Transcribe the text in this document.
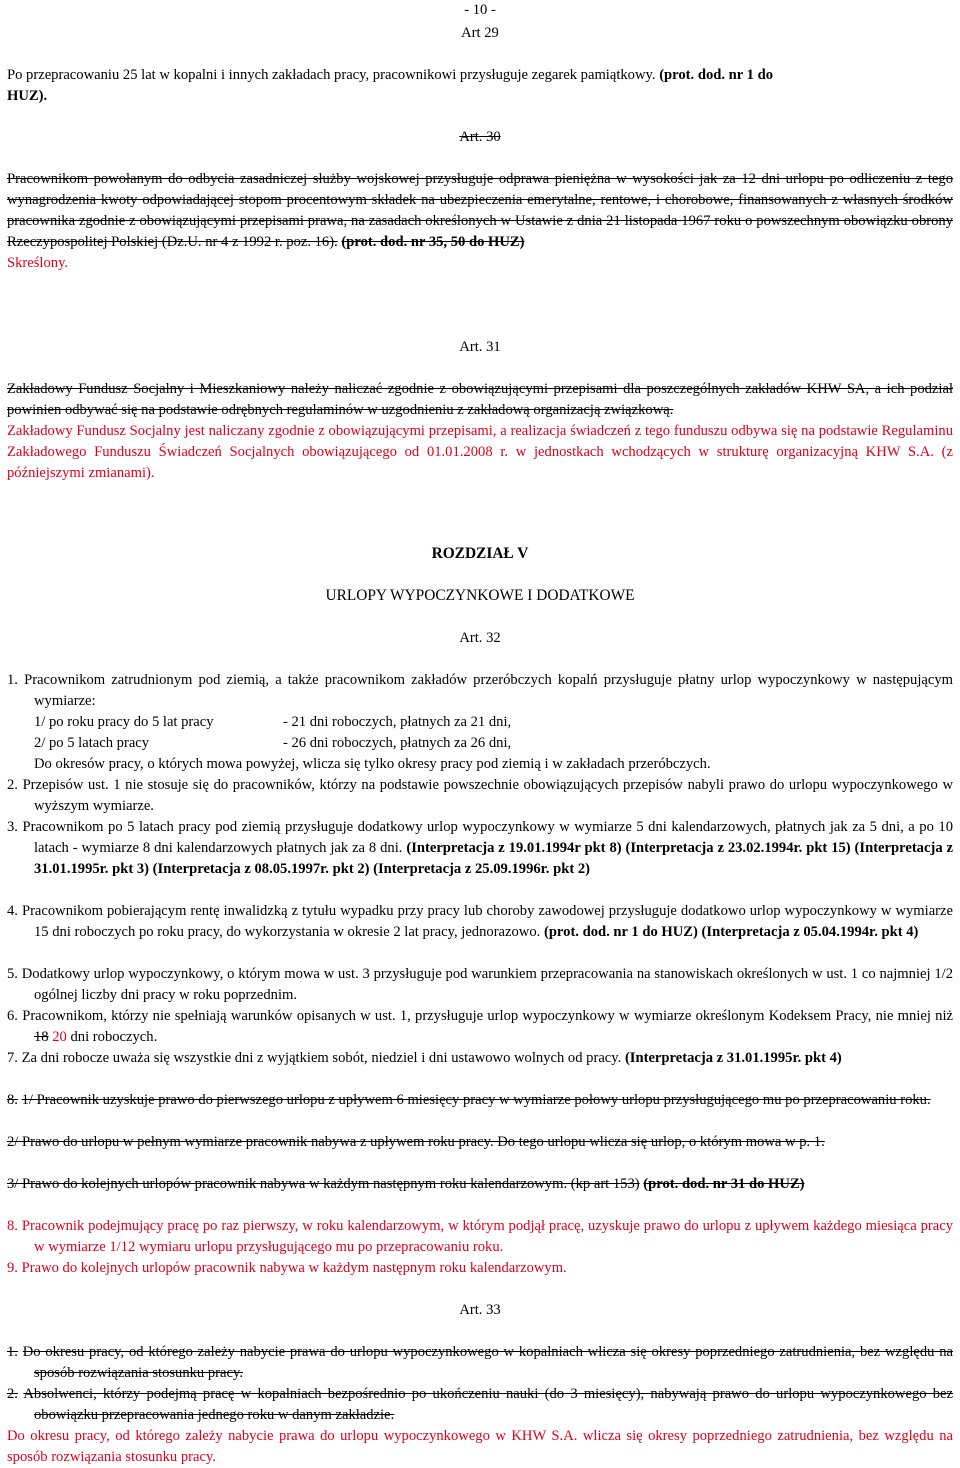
- 10 -
Art 29
Po przepracowaniu 25 lat w kopalni i innych zakładach pracy, pracownikowi przysługuje zegarek pamiątkowy. (prot. dod. nr 1 do
HUZ).
Art. 30
Pracownikom powołanym do odbycia zasadniczej służby wojskowej przysługuje odprawa pieniężna w wysokości jak za 12 dni urlopu po odliczeniu z tego wynagrodzenia kwoty odpowiadającej stopom procentowym składek na ubezpieczenia emerytalne, rentowe, i chorobowe, finansowanych z własnych środków pracownika zgodnie z obowiązującymi przepisami prawa, na zasadach określonych w Ustawie z dnia 21 listopada 1967 roku o powszechnym obowiązku obrony Rzeczypospolitej Polskiej (Dz.U. nr 4 z 1992 r. poz. 16). (prot. dod. nr 35, 50 do HUZ)
Skreślony.
Art. 31
Zakładowy Fundusz Socjalny i Mieszkaniowy należy naliczać zgodnie z obowiązującymi przepisami dla poszczególnych zakładów KHW SA, a ich podział powinien odbywać się na podstawie odrębnych regulaminów w uzgodnieniu z zakładową organizacją związkową.
Zakładowy Fundusz Socjalny jest naliczany zgodnie z obowiązującymi przepisami, a realizacja świadczeń z tego funduszu odbywa się na podstawie Regulaminu Zakładowego Funduszu Świadczeń Socjalnych obowiązującego od 01.01.2008 r. w jednostkach wchodzących w strukturę organizacyjną KHW S.A. (z późniejszymi zmianami).
ROZDZIAŁ V
URLOPY WYPOCZYNKOWE I DODATKOWE
Art. 32
1. Pracownikom zatrudnionym pod ziemią, a także pracownikom zakładów przeróbczych kopalń przysługuje płatny urlop wypoczynkowy w następującym wymiarze:
1/ po roku pracy do 5 lat pracy	- 21 dni roboczych, płatnych za 21 dni,
2/ po 5 latach pracy	- 26 dni roboczych, płatnych za 26 dni,
Do okresów pracy, o których mowa powyżej, wlicza się tylko okresy pracy pod ziemią i w zakładach przeróbczych.
2. Przepisów ust. 1 nie stosuje się do pracowników, którzy na podstawie powszechnie obowiązujących przepisów nabyli prawo do urlopu wypoczynkowego w wyższym wymiarze.
3. Pracownikom po 5 latach pracy pod ziemią przysługuje dodatkowy urlop wypoczynkowy w wymiarze 5 dni kalendarzowych, płatnych jak za 5 dni, a po 10 latach - wymiarze 8 dni kalendarzowych płatnych jak za 8 dni. (Interpretacja z 19.01.1994r pkt 8) (Interpretacja z 23.02.1994r. pkt 15) (Interpretacja z 31.01.1995r. pkt 3) (Interpretacja z 08.05.1997r. pkt 2) (Interpretacja z 25.09.1996r. pkt 2)
4. Pracownikom pobierającym rentę inwalidzką z tytułu wypadku przy pracy lub choroby zawodowej przysługuje dodatkowo urlop wypoczynkowy w wymiarze 15 dni roboczych po roku pracy, do wykorzystania w okresie 2 lat pracy, jednorazowo. (prot. dod. nr 1 do HUZ) (Interpretacja z 05.04.1994r. pkt 4)
5. Dodatkowy urlop wypoczynkowy, o którym mowa w ust. 3 przysługuje pod warunkiem przepracowania na stanowiskach określonych w ust. 1 co najmniej 1/2 ogólnej liczby dni pracy w roku poprzednim.
6. Pracownikom, którzy nie spełniają warunków opisanych w ust. 1, przysługuje urlop wypoczynkowy w wymiarze określonym Kodeksem Pracy, nie mniej niż 18 20 dni roboczych.
7. Za dni robocze uważa się wszystkie dni z wyjątkiem sobót, niedziel i dni ustawowo wolnych od pracy. (Interpretacja z 31.01.1995r. pkt 4)
8. 1/ Pracownik uzyskuje prawo do pierwszego urlopu z upływem 6 miesięcy pracy w wymiarze połowy urlopu przysługującego mu po przepracowaniu roku.
2/ Prawo do urlopu w pełnym wymiarze pracownik nabywa z upływem roku pracy. Do tego urlopu wlicza się urlop, o którym mowa w p. 1.
3/ Prawo do kolejnych urlopów pracownik nabywa w każdym następnym roku kalendarzowym. (kp art 153) (prot. dod. nr 31 do HUZ)
8. Pracownik podejmujący pracę po raz pierwszy, w roku kalendarzowym, w którym podjął pracę, uzyskuje prawo do urlopu z upływem każdego miesiąca pracy w wymiarze 1/12 wymiaru urlopu przysługującego mu po przepracowaniu roku.
9. Prawo do kolejnych urlopów pracownik nabywa w każdym następnym roku kalendarzowym.
Art. 33
1. Do okresu pracy, od którego zależy nabycie prawa do urlopu wypoczynkowego w kopalniach wlicza się okresy poprzedniego zatrudnienia, bez względu na sposób rozwiązania stosunku pracy.
2. Absolwenci, którzy podejmą pracę w kopalniach bezpośrednio po ukończeniu nauki (do 3 miesięcy), nabywają prawo do urlopu wypoczynkowego bez obowiązku przepracowania jednego roku w danym zakładzie.
Do okresu pracy, od którego zależy nabycie prawa do urlopu wypoczynkowego w KHW S.A. wlicza się okresy poprzedniego zatrudnienia, bez względu na sposób rozwiązania stosunku pracy.
